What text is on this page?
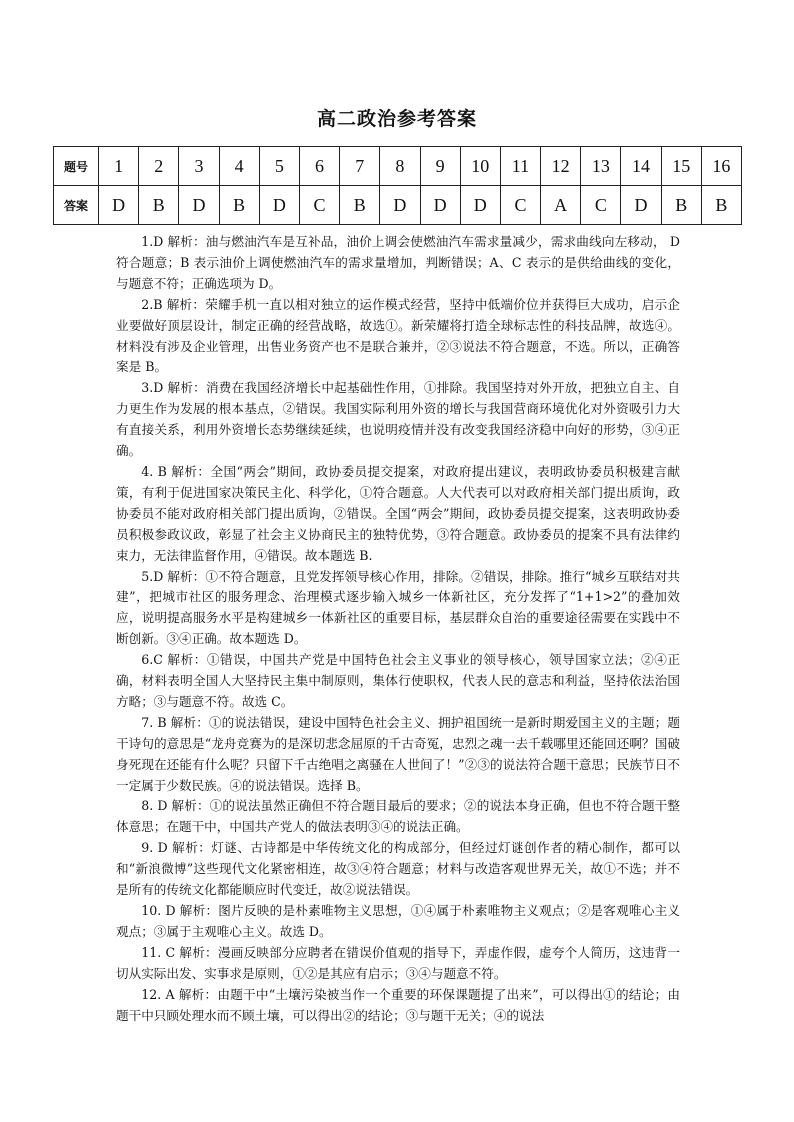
高二政治参考答案
题号	1	2	3	4	5	6	7	8	9	10	11	12	13	14	15	16
答案	D	B	D	B	D	C	B	D	D	D	C	A	C	D	B	B

1.D 解析：油与燃油汽车是互补品，油价上调会使燃油汽车需求量减少，需求曲线向左移动， D 符合题意；B 表示油价上调使燃油汽车的需求量增加，判断错误；A、C 表示的是供给曲线的变化，与题意不符；正确选项为 D。

2.B 解析：荣耀手机一直以相对独立的运作模式经营，坚持中低端价位并获得巨大成功，启示企业要做好顶层设计，制定正确的经营战略，故选①。新荣耀将打造全球标志性的科技品牌，故选④。材料没有涉及企业管理，出售业务资产也不是联合兼并，②③说法不符合题意，不选。所以，正确答案是 B。

3.D 解析：消费在我国经济增长中起基础性作用，①排除。我国坚持对外开放，把独立自主、自力更生作为发展的根本基点，②错误。我国实际利用外资的增长与我国营商环境优化对外资吸引力大有直接关系，利用外资增长态势继续延续，也说明疫情并没有改变我国经济稳中向好的形势，③④正确。

4. B 解析：全国“两会”期间，政协委员提交提案，对政府提出建议，表明政协委员积极建言献策，有利于促进国家决策民主化、科学化，①符合题意。人大代表可以对政府相关部门提出质询，政协委员不能对政府相关部门提出质询，②错误。全国“两会”期间，政协委员提交提案，这表明政协委员积极参政议政，彰显了社会主义协商民主的独特优势，③符合题意。政协委员的提案不具有法律约束力，无法律监督作用，④错误。故本题选 B.

5.D 解析：①不符合题意，且党发挥领导核心作用，排除。②错误，排除。推行“城乡互联结对共建”，把城市社区的服务理念、治理模式逐步输入城乡一体新社区，充分发挥了“1+1>2”的叠加效应，说明提高服务水平是构建城乡一体新社区的重要目标，基层群众自治的重要途径需要在实践中不断创新。③④正确。故本题选 D。

6.C 解析：①错误，中国共产党是中国特色社会主义事业的领导核心，领导国家立法；②④正确，材料表明全国人大坚持民主集中制原则，集体行使职权，代表人民的意志和利益，坚持依法治国方略；③与题意不符。故选 C。

7. B 解析：①的说法错误，建设中国特色社会主义、拥护祖国统一是新时期爱国主义的主题；题干诗句的意思是“龙舟竞赛为的是深切悲念屈原的千古奇冤，忠烈之魂一去千载哪里还能回还啊？国破身死现在还能有什么呢？只留下千古绝唱之离骚在人世间了！”②③的说法符合题干意思；民族节日不一定属于少数民族。④的说法错误。选择 B。

8. D 解析：①的说法虽然正确但不符合题目最后的要求；②的说法本身正确，但也不符合题干整体意思；在题干中，中国共产党人的做法表明③④的说法正确。

9. D 解析：灯谜、古诗都是中华传统文化的构成部分，但经过灯谜创作者的精心制作，都可以和“新浪微博”这些现代文化紧密相连，故③④符合题意；材料与改造客观世界无关，故①不选；并不是所有的传统文化都能顺应时代变迁，故②说法错误。

10. D 解析：图片反映的是朴素唯物主义思想，①④属于朴素唯物主义观点；②是客观唯心主义观点；③属于主观唯心主义。故选 D。

11. C 解析：漫画反映部分应聘者在错误价值观的指导下，弄虚作假，虚夸个人简历，这违背一切从实际出发、实事求是原则，①②是其应有启示；③④与题意不符。

12. A 解析：由题干中“土壤污染被当作一个重要的环保课题提了出来”，可以得出①的结论；由题干中只顾处理水而不顾土壤，可以得出②的结论；③与题干无关；④的说法
